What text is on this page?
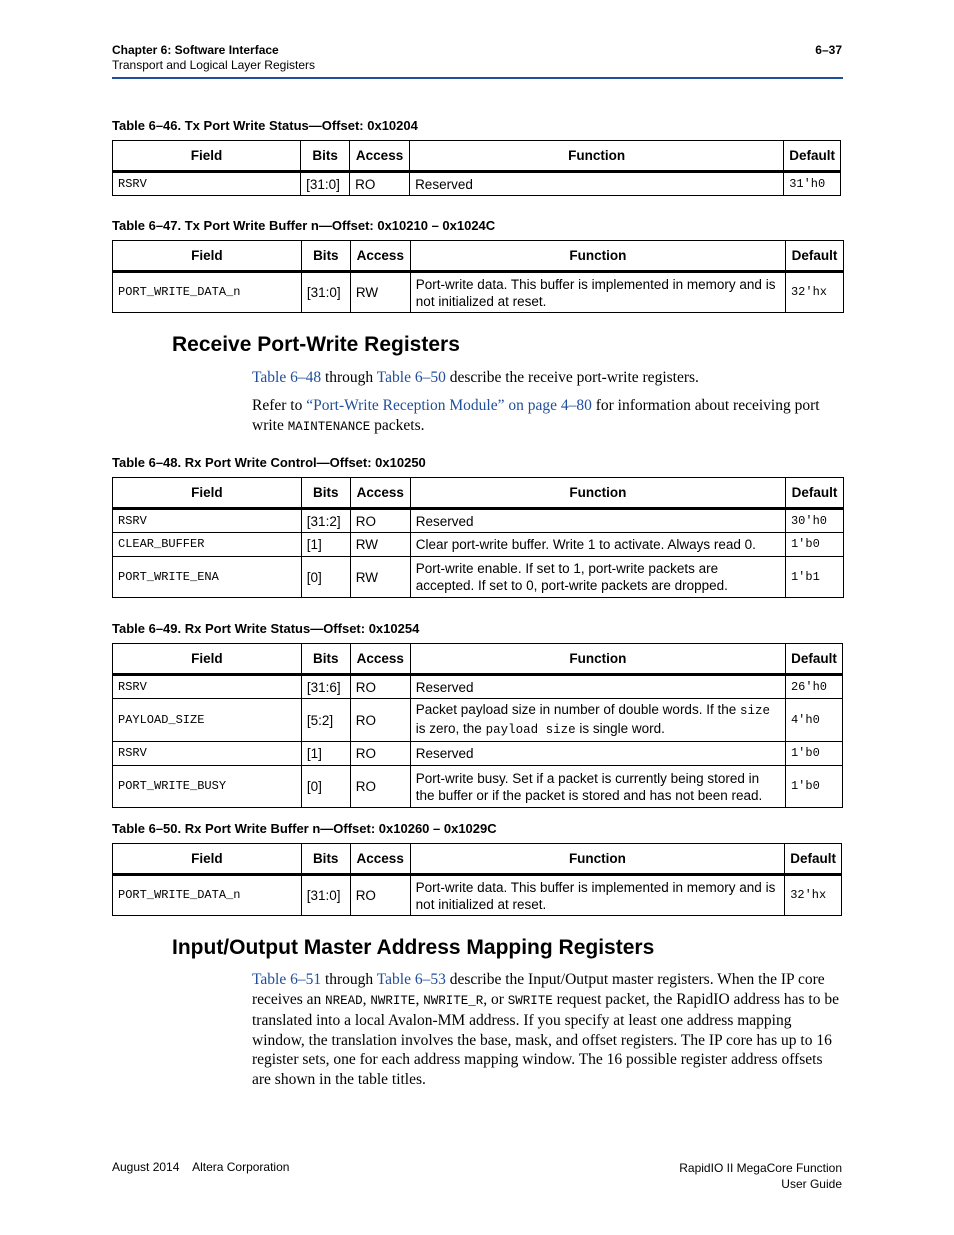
Chapter 6: Software Interface
Transport and Logical Layer Registers
6–37
Table 6–46. Tx Port Write Status—Offset: 0x10204
Field	Bits	Access	Function	Default
RSRV	[31:0]	RO	Reserved	31'h0
Table 6–47. Tx Port Write Buffer n—Offset: 0x10210 – 0x1024C
Field	Bits	Access	Function	Default
PORT_WRITE_DATA_n	[31:0]	RW	Port-write data. This buffer is implemented in memory and is not initialized at reset.	32'hx
Receive Port-Write Registers

Table 6–48 through Table 6–50 describe the receive port-write registers.

Refer to “Port-Write Reception Module” on page 4–80 for information about receiving port write MAINTENANCE packets.

Table 6–48. Rx Port Write Control—Offset: 0x10250
Field	Bits	Access	Function	Default
RSRV	[31:2]	RO	Reserved	30'h0
CLEAR_BUFFER	[1]	RW	Clear port-write buffer. Write 1 to activate. Always read 0.	1'b0
PORT_WRITE_ENA	[0]	RW	Port-write enable. If set to 1, port-write packets are accepted. If set to 0, port-write packets are dropped.	1'b1
Table 6–49. Rx Port Write Status—Offset: 0x10254
Field	Bits	Access	Function	Default
RSRV	[31:6]	RO	Reserved	26'h0
PAYLOAD_SIZE	[5:2]	RO	Packet payload size in number of double words. If the size is zero, the payload size is single word.	4'h0
RSRV	[1]	RO	Reserved	1'b0
PORT_WRITE_BUSY	[0]	RO	Port-write busy. Set if a packet is currently being stored in the buffer or if the packet is stored and has not been read.	1'b0
Table 6–50. Rx Port Write Buffer n—Offset: 0x10260 – 0x1029C
Field	Bits	Access	Function	Default
PORT_WRITE_DATA_n	[31:0]	RO	Port-write data. This buffer is implemented in memory and is not initialized at reset.	32'hx
Input/Output Master Address Mapping Registers

Table 6–51 through Table 6–53 describe the Input/Output master registers. When the IP core receives an NREAD, NWRITE, NWRITE_R, or SWRITE request packet, the RapidIO address has to be translated into a local Avalon-MM address. If you specify at least one address mapping window, the translation involves the base, mask, and offset registers. The IP core has up to 16 register sets, one for each address mapping window. The 16 possible register address offsets are shown in the table titles.

August 2014    Altera Corporation	RapidIO II MegaCore Function
User Guide
